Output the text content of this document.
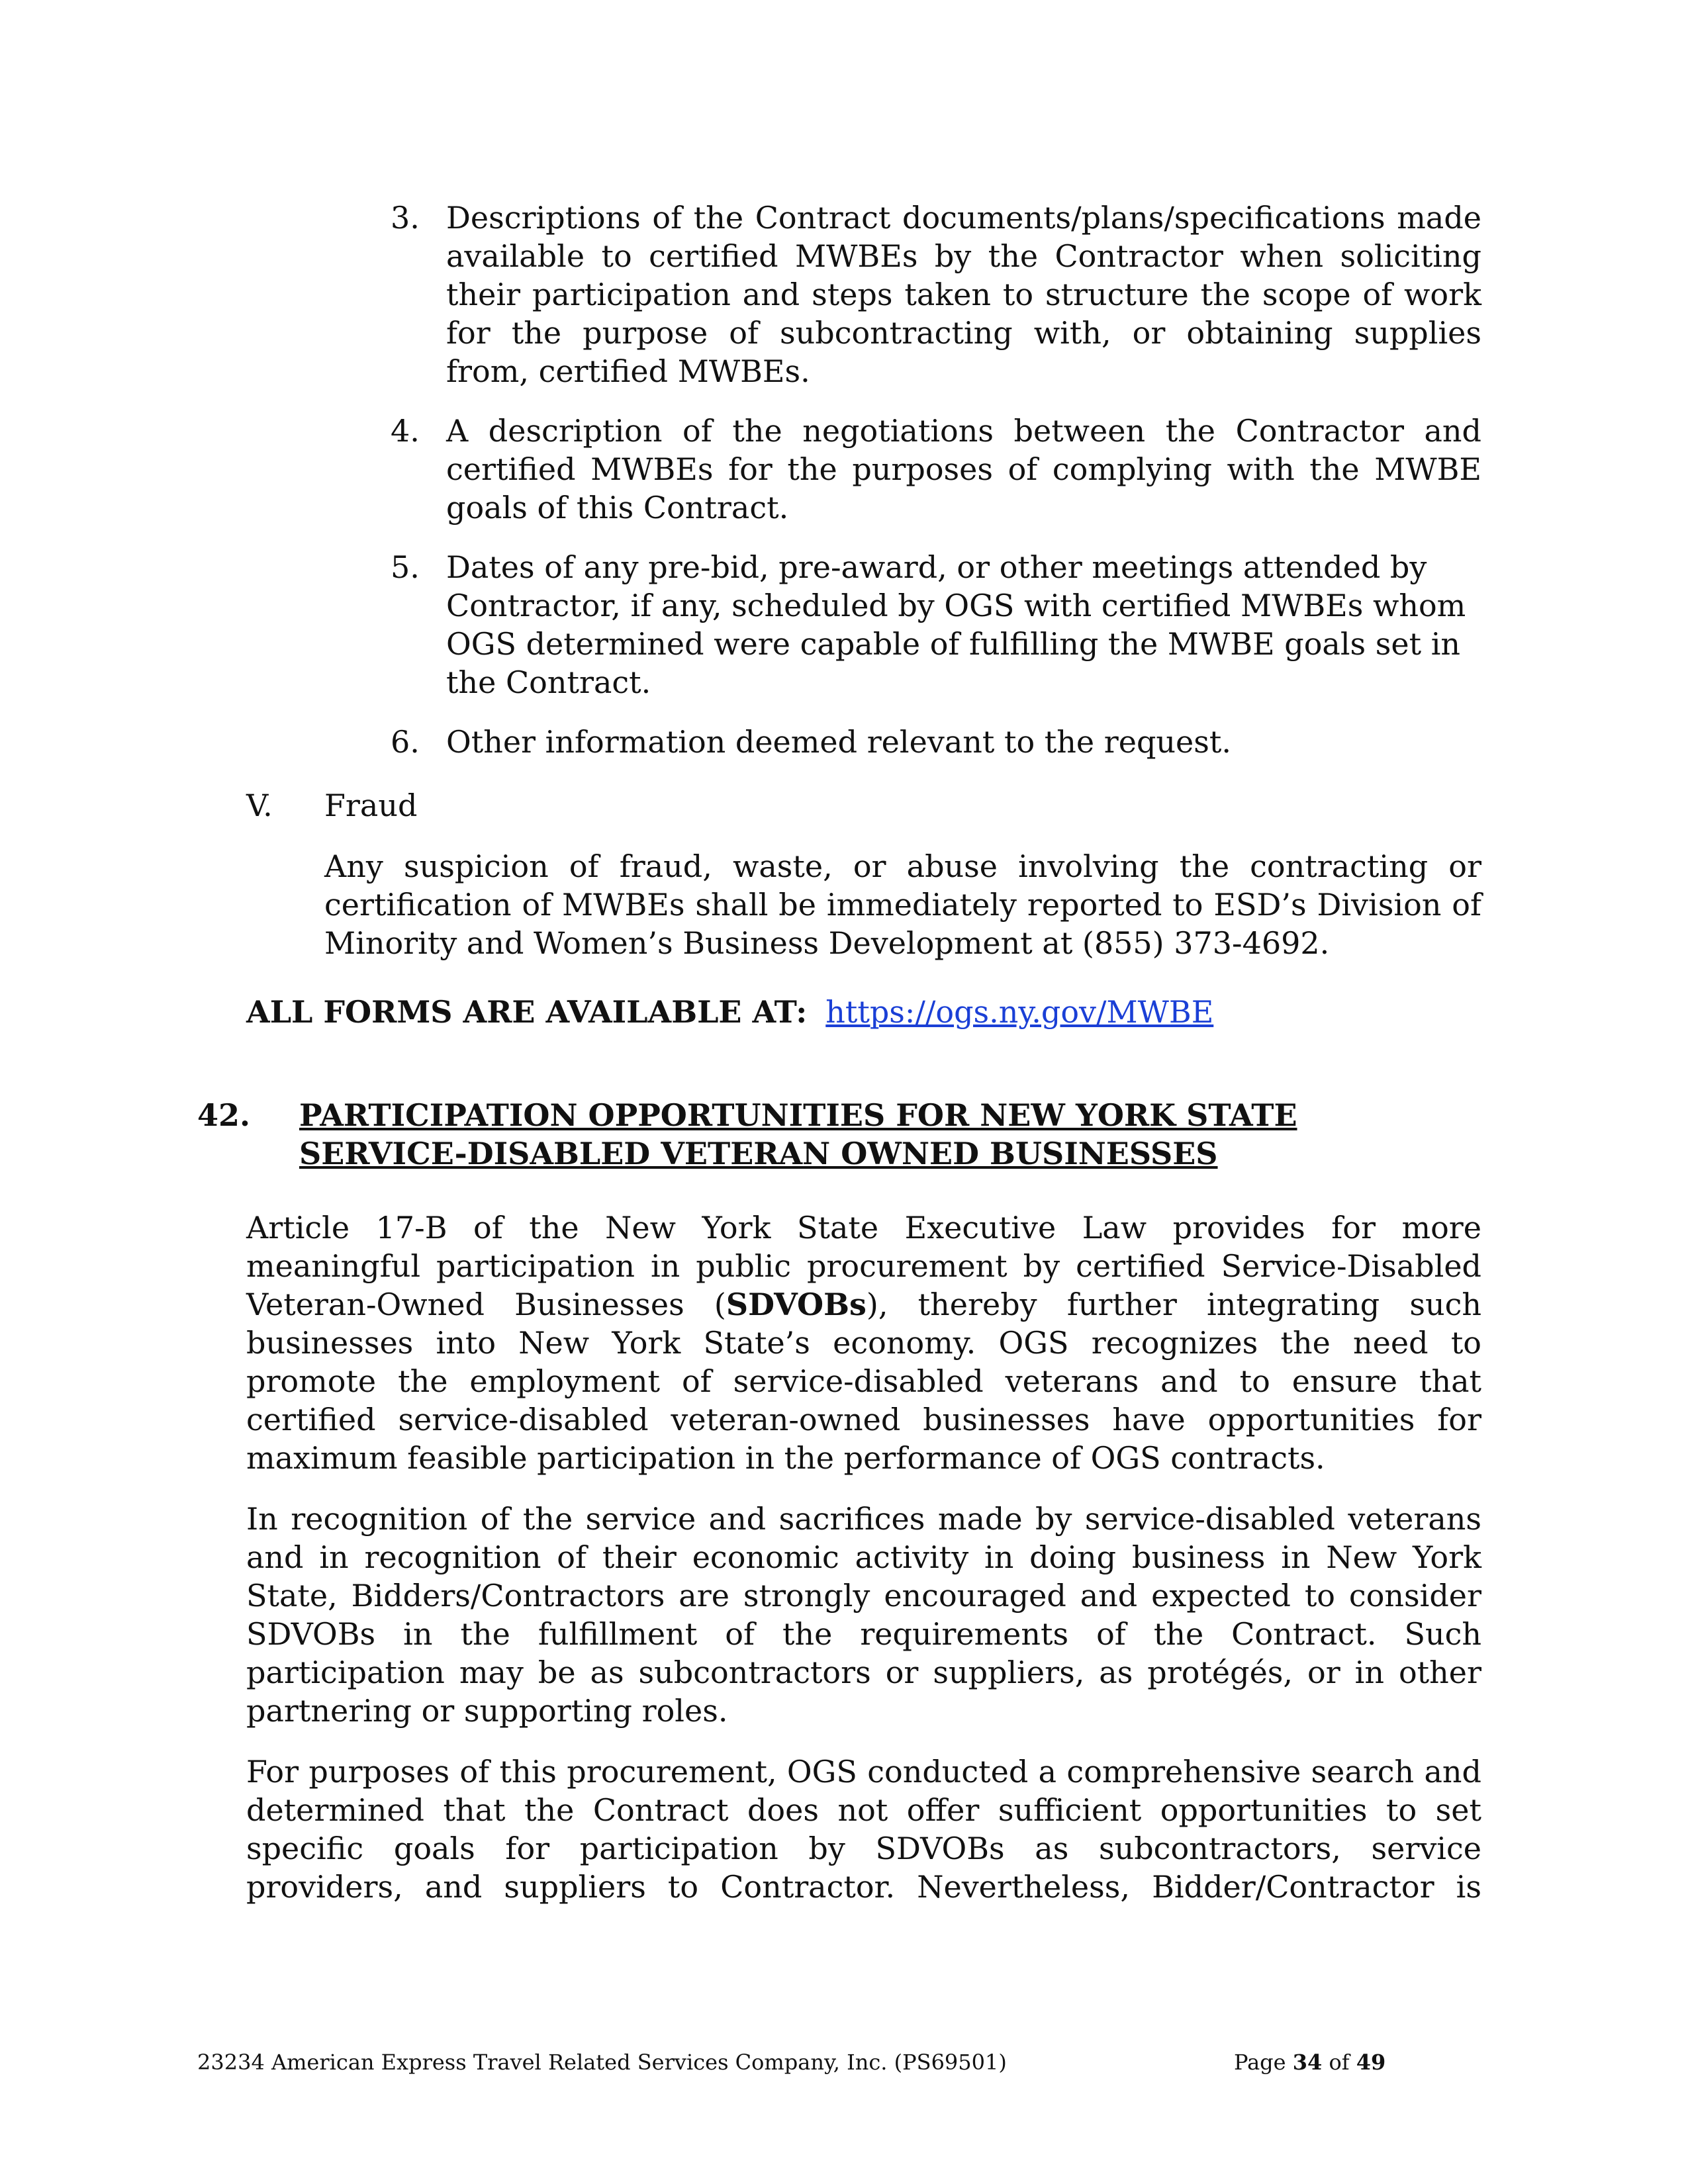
3. Descriptions of the Contract documents/plans/specifications made available to certified MWBEs by the Contractor when soliciting their participation and steps taken to structure the scope of work for the purpose of subcontracting with, or obtaining supplies from, certified MWBEs.
4. A description of the negotiations between the Contractor and certified MWBEs for the purposes of complying with the MWBE goals of this Contract.
5. Dates of any pre-bid, pre-award, or other meetings attended by Contractor, if any, scheduled by OGS with certified MWBEs whom OGS determined were capable of fulfilling the MWBE goals set in the Contract.
6. Other information deemed relevant to the request.
V. Fraud
Any suspicion of fraud, waste, or abuse involving the contracting or certification of MWBEs shall be immediately reported to ESD’s Division of Minority and Women’s Business Development at (855) 373-4692.
ALL FORMS ARE AVAILABLE AT: https://ogs.ny.gov/MWBE
42. PARTICIPATION OPPORTUNITIES FOR NEW YORK STATE
SERVICE-DISABLED VETERAN OWNED BUSINESSES

Article 17-B of the New York State Executive Law provides for more meaningful participation in public procurement by certified Service-Disabled Veteran-Owned Businesses (SDVOBs), thereby further integrating such businesses into New York State’s economy. OGS recognizes the need to promote the employment of service-disabled veterans and to ensure that certified service-disabled veteran-owned businesses have opportunities for maximum feasible participation in the performance of OGS contracts.

In recognition of the service and sacrifices made by service-disabled veterans and in recognition of their economic activity in doing business in New York State, Bidders/Contractors are strongly encouraged and expected to consider SDVOBs in the fulfillment of the requirements of the Contract. Such participation may be as subcontractors or suppliers, as protégés, or in other partnering or supporting roles.

For purposes of this procurement, OGS conducted a comprehensive search and determined that the Contract does not offer sufficient opportunities to set specific goals for participation by SDVOBs as subcontractors, service providers, and suppliers to Contractor. Nevertheless, Bidder/Contractor is

23234 American Express Travel Related Services Company, Inc. (PS69501)	Page 34 of 49
